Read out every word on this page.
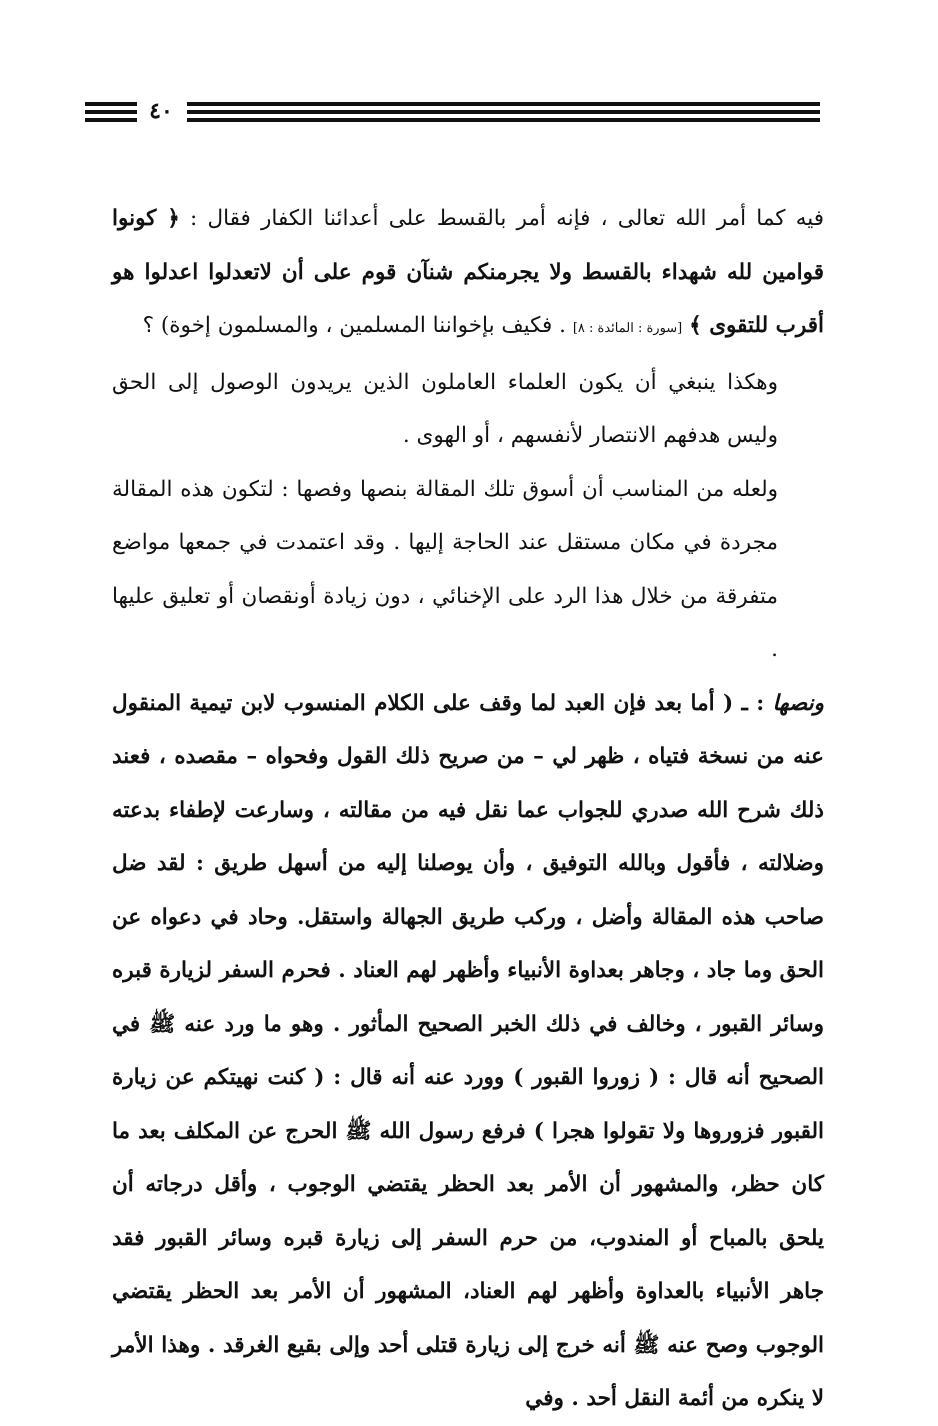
٤٠

فيه كما أمر الله تعالى ، فإنه أمر بالقسط على أعدائنا الكفار فقال : ﴿ كونوا قوامين لله شهداء بالقسط ولا يجرمنكم شنآن قوم على أن لاتعدلوا اعدلوا هو أقرب للتقوى ﴾ [سورة : المائدة : ٨] . فكيف بإخواننا المسلمين ، والمسلمون إخوة) ؟

وهكذا ينبغي أن يكون العلماء العاملون الذين يريدون الوصول إلى الحق وليس هدفهم الانتصار لأنفسهم ، أو الهوى .

ولعله من المناسب أن أسوق تلك المقالة بنصها وفصها : لتكون هذه المقالة مجردة في مكان مستقل عند الحاجة إليها . وقد اعتمدت في جمعها مواضع متفرقة من خلال هذا الرد على الإخنائي ، دون زيادة أونقصان أو تعليق عليها .

ونصها : ـ ( أما بعد فإن العبد لما وقف على الكلام المنسوب لابن تيمية المنقول عنه من نسخة فتياه ، ظهر لي – من صريح ذلك القول وفحواه – مقصده ، فعند ذلك شرح الله صدري للجواب عما نقل فيه من مقالته ، وسارعت لإطفاء بدعته وضلالته ، فأقول وبالله التوفيق ، وأن يوصلنا إليه من أسهل طريق : لقد ضل صاحب هذه المقالة وأضل ، وركب طريق الجهالة واستقل. وحاد في دعواه عن الحق وما جاد ، وجاهر بعداوة الأنبياء وأظهر لهم العناد . فحرم السفر لزيارة قبره وسائر القبور ، وخالف في ذلك الخبر الصحيح المأثور . وهو ما ورد عنه ﷺ في الصحيح أنه قال : ( زوروا القبور ) وورد عنه أنه قال : ( كنت نهيتكم عن زيارة القبور فزوروها ولا تقولوا هجرا ) فرفع رسول الله ﷺ الحرج عن المكلف بعد ما كان حظر، والمشهور أن الأمر بعد الحظر يقتضي الوجوب ، وأقل درجاته أن يلحق بالمباح أو المندوب، من حرم السفر إلى زيارة قبره وسائر القبور فقد جاهر الأنبياء بالعداوة وأظهر لهم العناد، المشهور أن الأمر بعد الحظر يقتضي الوجوب وصح عنه ﷺ أنه خرج إلى زيارة قتلى أحد وإلى بقيع الغرقد . وهذا الأمر لا ينكره من أئمة النقل أحد . وفي
